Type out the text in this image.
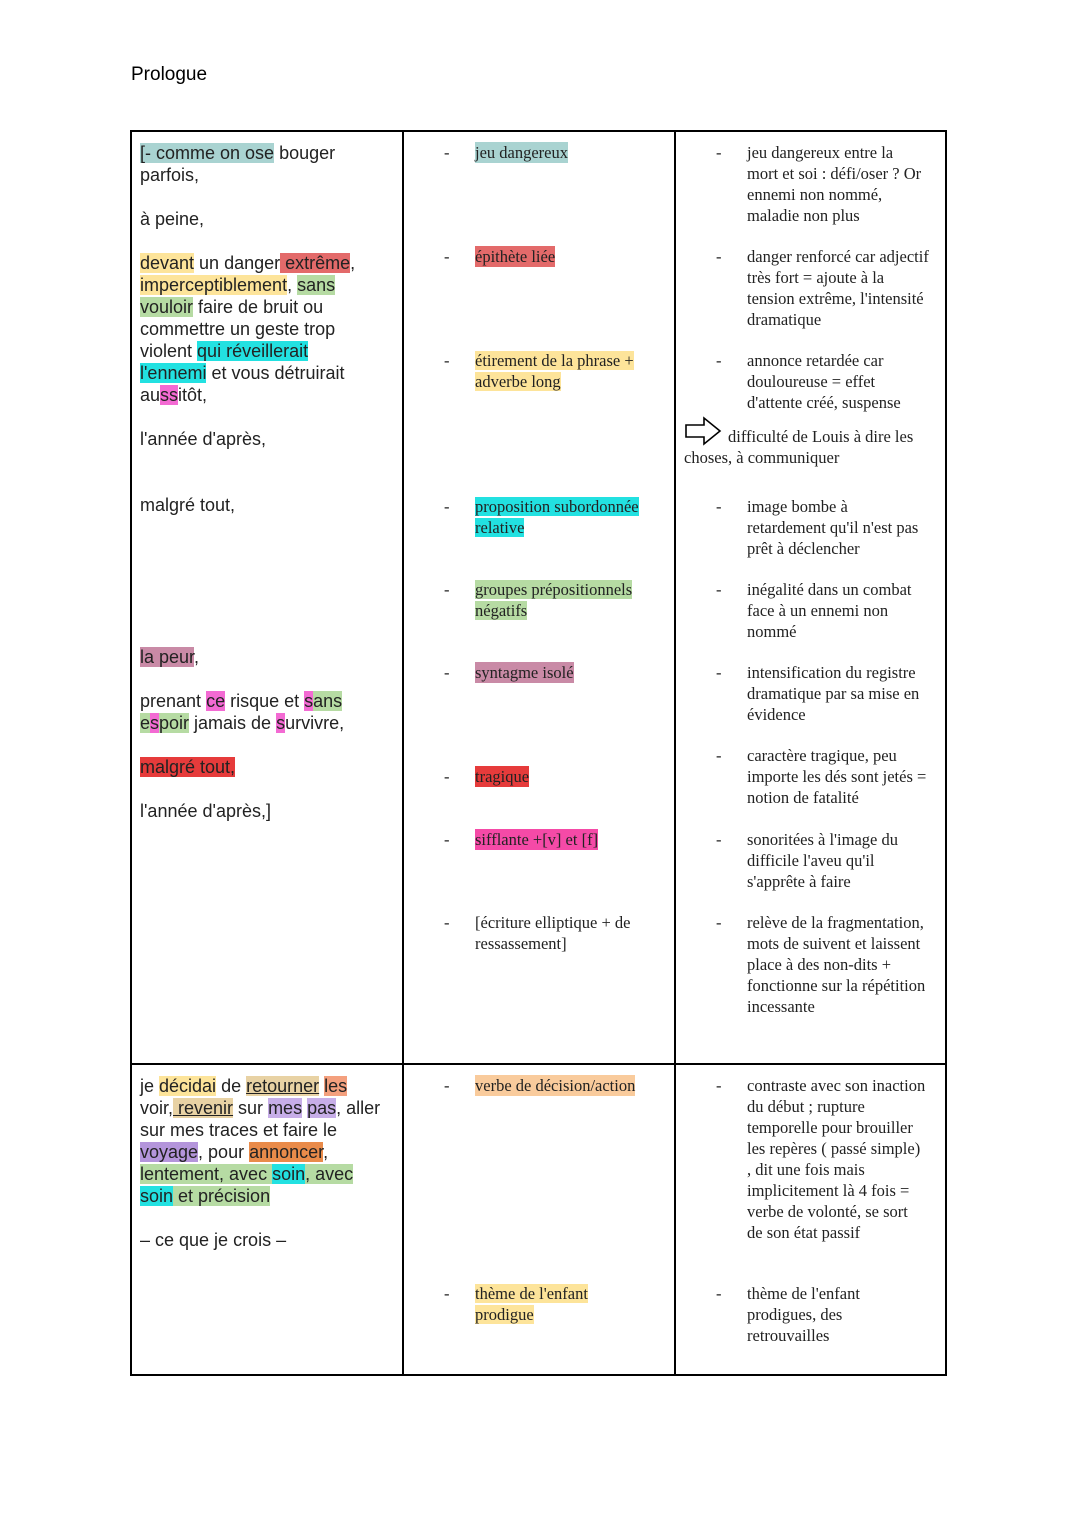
Prologue

[- comme on ose bouger

parfois,

à peine,

devant un danger extrême,

imperceptiblement, sans

vouloir faire de bruit ou

commettre un geste trop

violent qui réveillerait

l'ennemi et vous détruirait

aussitôt,

l'année d'après,

malgré tout,

la peur,

prenant ce risque et sans

espoir jamais de survivre,

malgré tout,

l'année d'après,]

- jeu dangereux
- épithète liée
- étirement de la phrase + adverbe long
- proposition subordonnée relative
- groupes prépositionnels négatifs
- syntagme isolé
- tragique
- sifflante +[v] et [f]
- [écriture elliptique + de ressassement]
- jeu dangereux entre la mort et soi : défi/oser ? Or ennemi non nommé, maladie non plus
- danger renforcé car adjectif très fort = ajoute à la tension extrême, l'intensité dramatique
- annonce retardée car douloureuse = effet d'attente créé, suspense
difficulté de Louis à dire les choses, à communiquer
- image bombe à retardement qu'il n'est pas prêt à déclencher
- inégalité dans un combat face à un ennemi non nommé
- intensification du registre dramatique par sa mise en évidence
- caractère tragique, peu importe les dés sont jetés = notion de fatalité
- sonoritées à l'image du difficile l'aveu qu'il s'apprête à faire
- relève de la fragmentation, mots de suivent et laissent place à des non-dits + fonctionne sur la répétition incessante

je décidai de retourner les

voir, revenir sur mes pas, aller

sur mes traces et faire le

voyage, pour annoncer,

lentement, avec soin, avec

soin et précision

– ce que je crois –

- verbe de décision/action
- thème de l'enfant prodigue
- contraste avec son inaction du début ; rupture temporelle pour brouiller les repères ( passé simple) , dit une fois mais implicitement là 4 fois = verbe de volonté, se sort de son état passif
- thème de l'enfant prodigues, des retrouvailles
